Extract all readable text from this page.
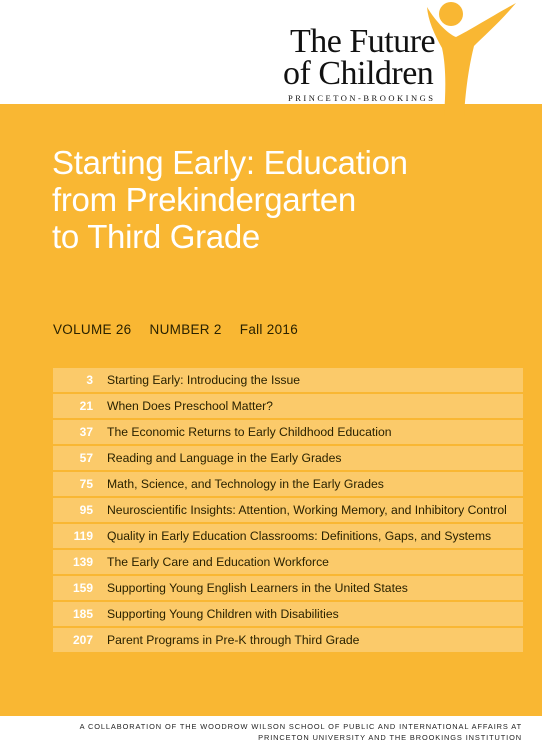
The Future
of Children
PRINCETON-BROOKINGS
Starting Early: Education
from Prekindergarten
to Third Grade
VOLUME 26 NUMBER 2 Fall 2016
3 Starting Early: Introducing the Issue
21 When Does Preschool Matter?
37 The Economic Returns to Early Childhood Education
57 Reading and Language in the Early Grades
75 Math, Science, and Technology in the Early Grades
95 Neuroscientific Insights: Attention, Working Memory, and Inhibitory Control
119 Quality in Early Education Classrooms: Definitions, Gaps, and Systems
139 The Early Care and Education Workforce
159 Supporting Young English Learners in the United States
185 Supporting Young Children with Disabilities
207 Parent Programs in Pre-K through Third Grade
A COLLABORATION OF THE WOODROW WILSON SCHOOL OF PUBLIC AND INTERNATIONAL AFFAIRS AT
PRINCETON UNIVERSITY AND THE BROOKINGS INSTITUTION
